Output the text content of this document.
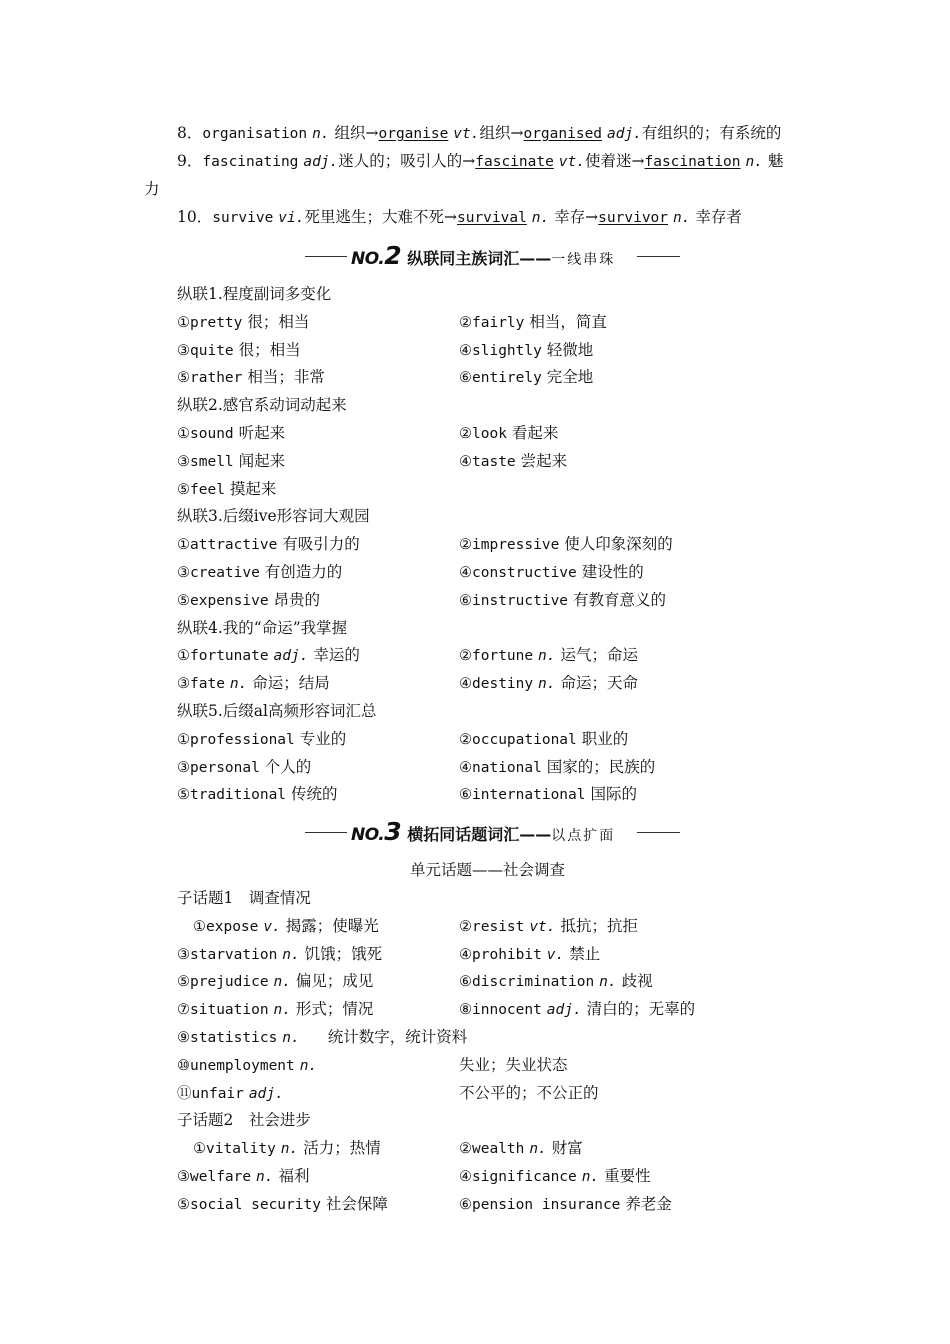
8．organisation n. 组织→organise vt.组织→organised adj.有组织的；有系统的
9．fascinating adj.迷人的；吸引人的→fascinate vt.使着迷→fascination n. 魅
力
10．survive vi.死里逃生；大难不死→survival n. 幸存→survivor n. 幸存者
NO.2 纵联同主族词汇——一线串珠
纵联1.程度副词多变化
①pretty 很；相当	②fairly 相当，简直
③quite 很；相当	④slightly 轻微地
⑤rather 相当；非常	⑥entirely 完全地
纵联2.感官系动词动起来
①sound 听起来	②look 看起来
③smell 闻起来	④taste 尝起来
⑤feel 摸起来
纵联3.后缀ive形容词大观园
①attractive 有吸引力的	②impressive 使人印象深刻的
③creative 有创造力的	④constructive 建设性的
⑤expensive 昂贵的	⑥instructive 有教育意义的
纵联4.我的“命运”我掌握
①fortunate adj. 幸运的	②fortune n. 运气；命运
③fate n. 命运；结局	④destiny n. 命运；天命
纵联5.后缀al高频形容词汇总
①professional 专业的	②occupational 职业的
③personal 个人的	④national 国家的；民族的
⑤traditional 传统的	⑥international 国际的
NO.3 横拓同话题词汇——以点扩面
单元话题——社会调查
子话题1　调查情况
①expose v. 揭露；使曝光	②resist vt. 抵抗；抗拒
③starvation n. 饥饿；饿死	④prohibit v. 禁止
⑤prejudice n. 偏见；成见	⑥discrimination n. 歧视
⑦situation n. 形式；情况	⑧innocent adj. 清白的；无辜的
⑨statistics n. 统计数字，统计资料
⑩unemployment n.	失业；失业状态
⑪unfair adj.	不公平的；不公正的
子话题2　社会进步
①vitality n. 活力；热情	②wealth n. 财富
③welfare n. 福利	④significance n. 重要性
⑤social security 社会保障	⑥pension insurance 养老金
